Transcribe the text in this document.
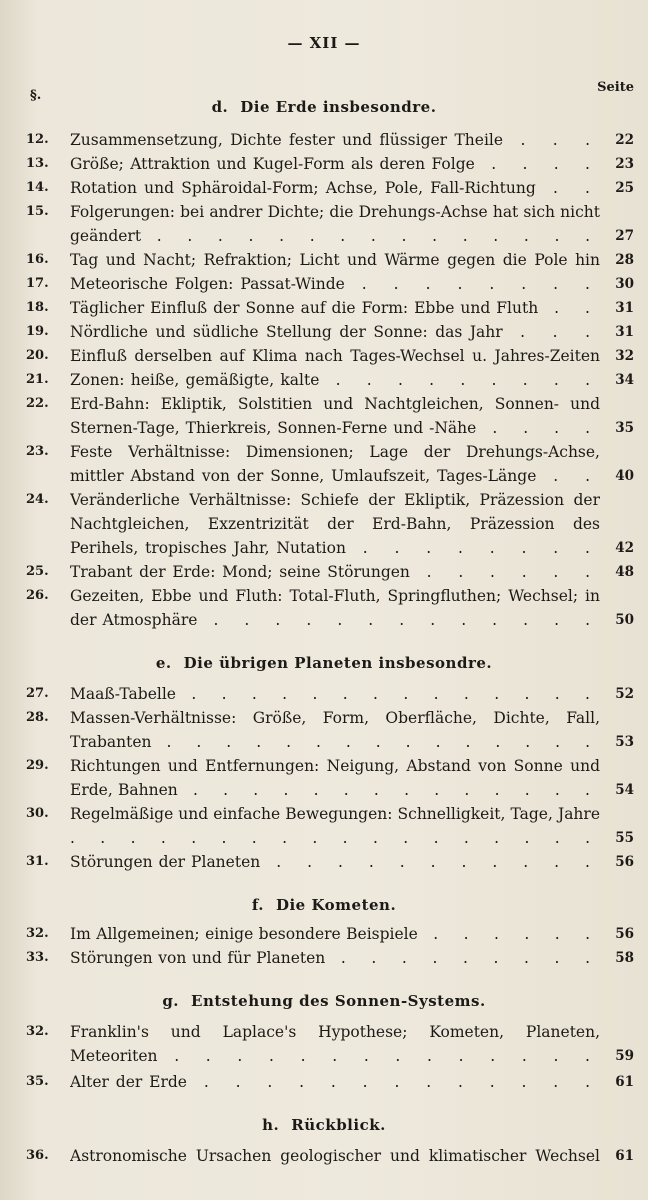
— XII —
§.
Seite
d. Die Erde insbesondre.
12.	Zusammensetzung, Dichte fester und flüssiger Theile . . .	22
13.	Größe; Attraktion und Kugel-Form als deren Folge . . . .	23
14.	Rotation und Sphäroidal-Form; Achse, Pole, Fall-Richtung . .	25
15.	Folgerungen: bei andrer Dichte; die Drehungs-Achse hat sich nicht geändert . . . . . . . . . . . . . . .	27
16.	Tag und Nacht; Refraktion; Licht und Wärme gegen die Pole hin	28
17.	Meteorische Folgen: Passat-Winde . . . . . . . .	30
18.	Täglicher Einfluß der Sonne auf die Form: Ebbe und Fluth . .	31
19.	Nördliche und südliche Stellung der Sonne: das Jahr . . .	31
20.	Einfluß derselben auf Klima nach Tages-Wechsel u. Jahres-Zeiten	32
21.	Zonen: heiße, gemäßigte, kalte . . . . . . . . .	34
22.	Erd-Bahn: Ekliptik, Solstitien und Nachtgleichen, Sonnen- und Sternen-Tage, Thierkreis, Sonnen-Ferne und -Nähe . . . .	35
23.	Feste Verhältnisse: Dimensionen; Lage der Drehungs-Achse, mittler Abstand von der Sonne, Umlaufszeit, Tages-Länge . .	40
24.	Veränderliche Verhältnisse: Schiefe der Ekliptik, Präzession der Nachtgleichen, Exzentrizität der Erd-Bahn, Präzession des Perihels, tropisches Jahr, Nutation . . . . . . . .	42
25.	Trabant der Erde: Mond; seine Störungen . . . . . .	48
26.	Gezeiten, Ebbe und Fluth: Total-Fluth, Springfluthen; Wechsel; in der Atmosphäre . . . . . . . . . . . . .	50
e. Die übrigen Planeten insbesondre.
27.	Maaß-Tabelle . . . . . . . . . . . . . .	52
28.	Massen-Verhältnisse: Größe, Form, Oberfläche, Dichte, Fall, Trabanten . . . . . . . . . . . . . . .	53
29.	Richtungen und Entfernungen: Neigung, Abstand von Sonne und Erde, Bahnen . . . . . . . . . . . . . .	54
30.	Regelmäßige und einfache Bewegungen: Schnelligkeit, Tage, Jahre . . . . . . . . . . . . . . . . . .	55
31.	Störungen der Planeten . . . . . . . . . . .	56
f. Die Kometen.
32.	Im Allgemeinen; einige besondere Beispiele . . . . . .	56
33.	Störungen von und für Planeten . . . . . . . . .	58
g. Entstehung des Sonnen-Systems.
32.	Franklin's und Laplace's Hypothese; Kometen, Planeten, Meteoriten . . . . . . . . . . . . . .	59
35.	Alter der Erde . . . . . . . . . . . . .	61
h. Rückblick.
36.	Astronomische Ursachen geologischer und klimatischer Wechsel	61
